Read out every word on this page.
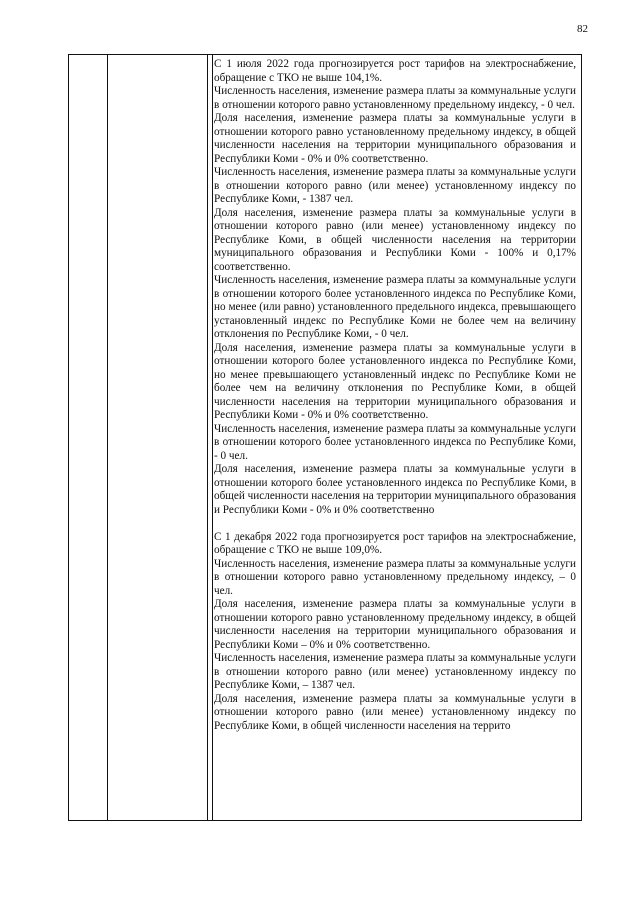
82

С 1 июля 2022 года прогнозируется рост тарифов на электроснабжение, обращение с ТКО не выше 104,1%.

Численность населения, изменение размера платы за коммунальные услуги в отношении которого равно установленному предельному индексу, - 0 чел.

Доля населения, изменение размера платы за коммунальные услуги в отношении которого равно установленному предельному индексу, в общей численности населения на территории муниципального образования и Республики Коми - 0% и 0% соответственно.

Численность населения, изменение размера платы за коммунальные услуги в отношении которого равно (или менее) установленному индексу по Республике Коми, - 1387 чел.

Доля населения, изменение размера платы за коммунальные услуги в отношении которого равно (или менее) установленному индексу по Республике Коми, в общей численности населения на территории муниципального образования и Республики Коми - 100% и 0,17% соответственно.

Численность населения, изменение размера платы за коммунальные услуги в отношении которого более установленного индекса по Республике Коми, но менее (или равно) установленного предельного индекса, превышающего установленный индекс по Республике Коми не более чем на величину отклонения по Республике Коми, - 0 чел.

Доля населения, изменение размера платы за коммунальные услуги в отношении которого более установленного индекса по Республике Коми, но менее превышающего установленный индекс по Республике Коми не более чем на величину отклонения по Республике Коми, в общей численности населения на территории муниципального образования и Республики Коми - 0% и 0% соответственно.

Численность населения, изменение размера платы за коммунальные услуги в отношении которого более установленного индекса по Республике Коми, - 0 чел.

Доля населения, изменение размера платы за коммунальные услуги в отношении которого более установленного индекса по Республике Коми, в общей численности населения на территории муниципального образования и Республики Коми - 0% и 0% соответственно

С 1 декабря 2022 года прогнозируется рост тарифов на электроснабжение, обращение с ТКО не выше 109,0%.

Численность населения, изменение размера платы за коммунальные услуги в отношении которого равно установленному предельному индексу, – 0 чел.

Доля населения, изменение размера платы за коммунальные услуги в отношении которого равно установленному предельному индексу, в общей численности населения на территории муниципального образования и Республики Коми – 0% и 0% соответственно.

Численность населения, изменение размера платы за коммунальные услуги в отношении которого равно (или менее) установленному индексу по Республике Коми, – 1387 чел.

Доля населения, изменение размера платы за коммунальные услуги в отношении которого равно (или менее) установленному индексу по Республике Коми, в общей численности населения на террито
